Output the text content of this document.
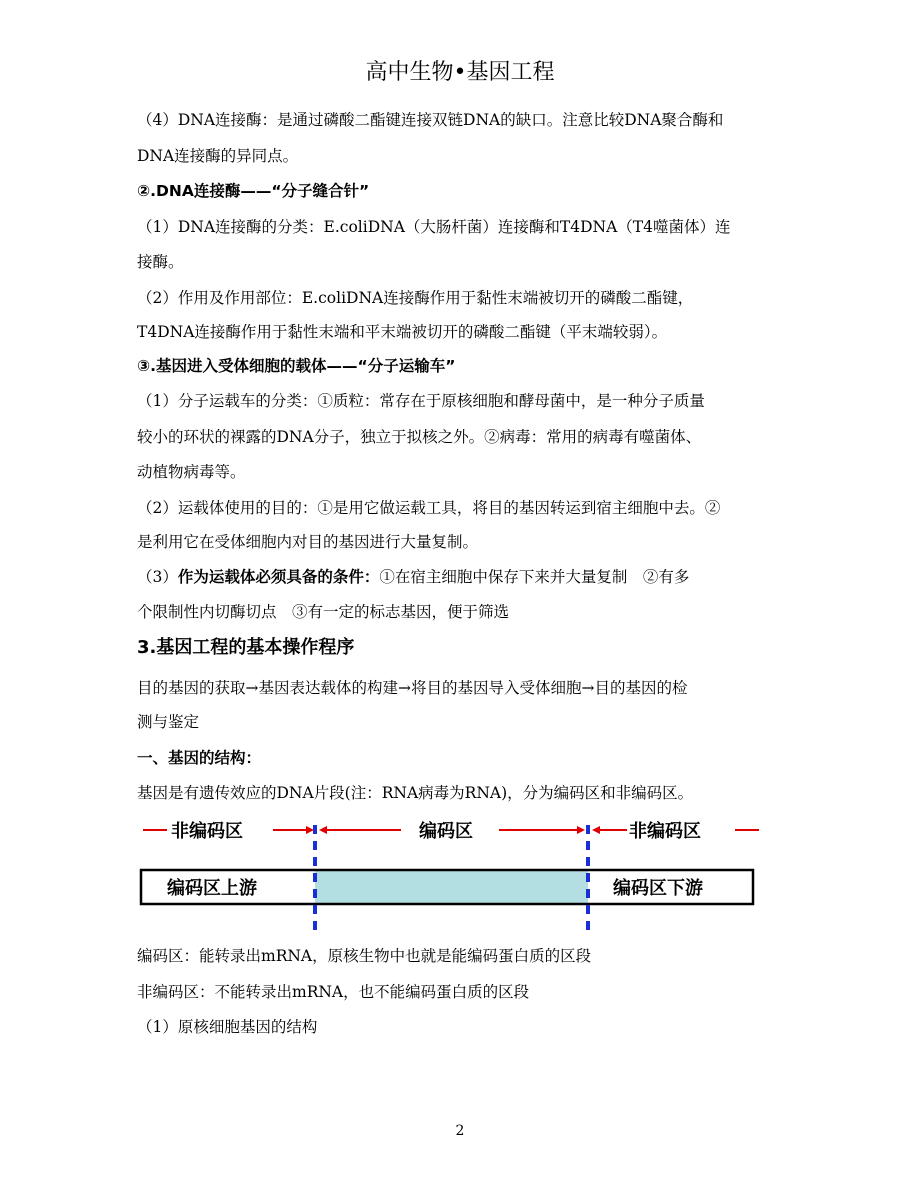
高中生物•基因工程
（4）DNA连接酶：是通过磷酸二酯键连接双链DNA的缺口。注意比较DNA聚合酶和
DNA连接酶的异同点。
②.DNA连接酶——“分子缝合针”
（1）DNA连接酶的分类：E.coliDNA（大肠杆菌）连接酶和T4DNA（T4噬菌体）连
接酶。
（2）作用及作用部位：E.coliDNA连接酶作用于黏性末端被切开的磷酸二酯键，
T4DNA连接酶作用于黏性末端和平末端被切开的磷酸二酯键（平末端较弱）。
③.基因进入受体细胞的载体——“分子运输车”
（1）分子运载车的分类：①质粒：常存在于原核细胞和酵母菌中，是一种分子质量
较小的环状的裸露的DNA分子，独立于拟核之外。②病毒：常用的病毒有噬菌体、
动植物病毒等。
（2）运载体使用的目的：①是用它做运载工具，将目的基因转运到宿主细胞中去。②
是利用它在受体细胞内对目的基因进行大量复制。
（3）作为运载体必须具备的条件：①在宿主细胞中保存下来并大量复制　②有多
个限制性内切酶切点　③有一定的标志基因，便于筛选
3.基因工程的基本操作程序
目的基因的获取→基因表达载体的构建→将目的基因导入受体细胞→目的基因的检
测与鉴定
一、基因的结构：
基因是有遗传效应的DNA片段(注：RNA病毒为RNA)，分为编码区和非编码区。
非编码区	编码区	非编码区
编码区上游	编码区下游
编码区：能转录出mRNA，原核生物中也就是能编码蛋白质的区段
非编码区：不能转录出mRNA，也不能编码蛋白质的区段
（1）原核细胞基因的结构
2
